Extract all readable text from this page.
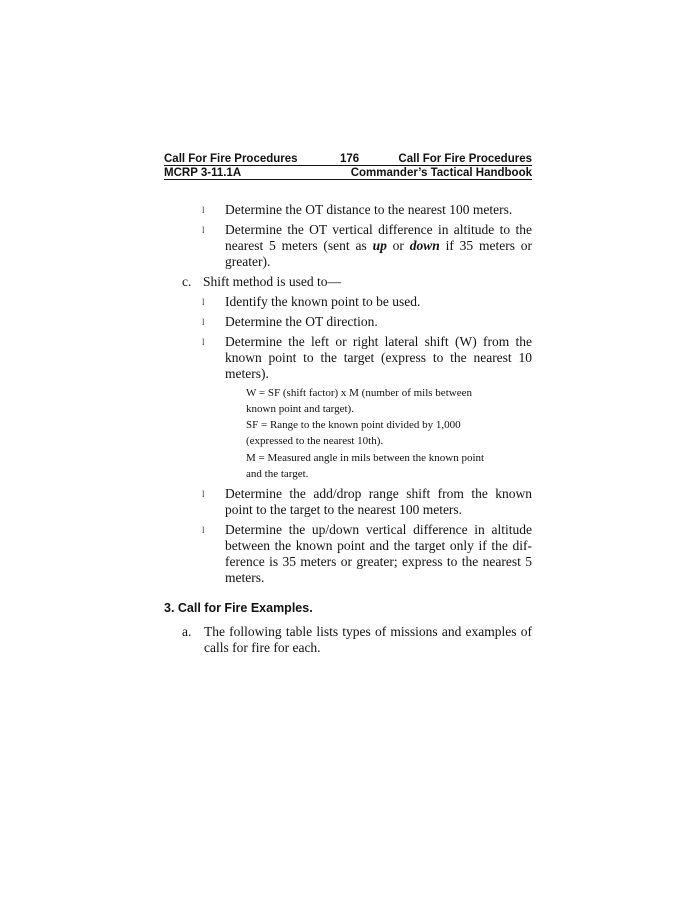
Call For Fire Procedures	176	Call For Fire Procedures
MCRP 3-11.1A	Commander’s Tactical Handbook
l Determine the OT distance to the nearest 100 meters.
l Determine the OT vertical difference in altitude to the
nearest 5 meters (sent as up or down if 35 meters or
greater).
c. Shift method is used to—
l Identify the known point to be used.
l Determine the OT direction.
l Determine the left or right lateral shift (W) from the
known point to the target (express to the nearest 10
meters).
W = SF (shift factor) x M (number of mils between
known point and target).
SF = Range to the known point divided by 1,000
(expressed to the nearest 10th).
M = Measured angle in mils between the known point
and the target.
l Determine the add/drop range shift from the known
point to the target to the nearest 100 meters.
l Determine the up/down vertical difference in altitude
between the known point and the target only if the dif-
ference is 35 meters or greater; express to the nearest 5
meters.
3. Call for Fire Examples.
a. The following table lists types of missions and examples of
calls for fire for each.
